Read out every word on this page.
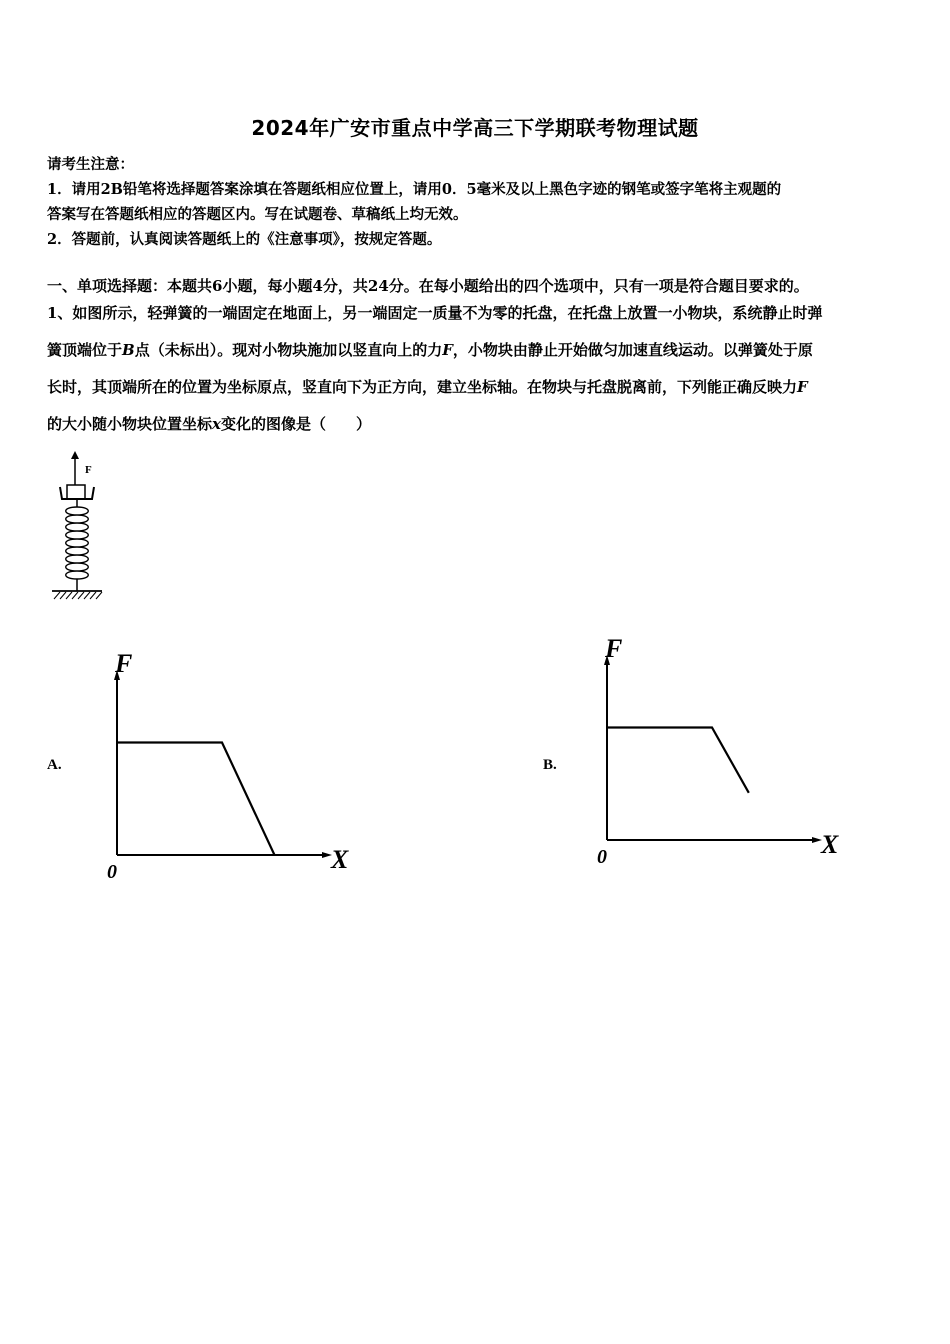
2024年广安市重点中学高三下学期联考物理试题
请考生注意：
1．请用2B铅笔将选择题答案涂填在答题纸相应位置上，请用0．5毫米及以上黑色字迹的钢笔或签字笔将主观题的
答案写在答题纸相应的答题区内。写在试题卷、草稿纸上均无效。
2．答题前，认真阅读答题纸上的《注意事项》，按规定答题。
一、单项选择题：本题共6小题，每小题4分，共24分。在每小题给出的四个选项中，只有一项是符合题目要求的。
1、如图所示，轻弹簧的一端固定在地面上，另一端固定一质量不为零的托盘，在托盘上放置一小物块，系统静止时弹
簧顶端位于B点（未标出）。现对小物块施加以竖直向上的力F，小物块由静止开始做匀加速直线运动。以弹簧处于原
长时，其顶端所在的位置为坐标原点，竖直向下为正方向，建立坐标轴。在物块与托盘脱离前，下列能正确反映力F
的大小随小物块位置坐标x变化的图像是（　　）
F
A.
F
X
0
B.
F
X
0
